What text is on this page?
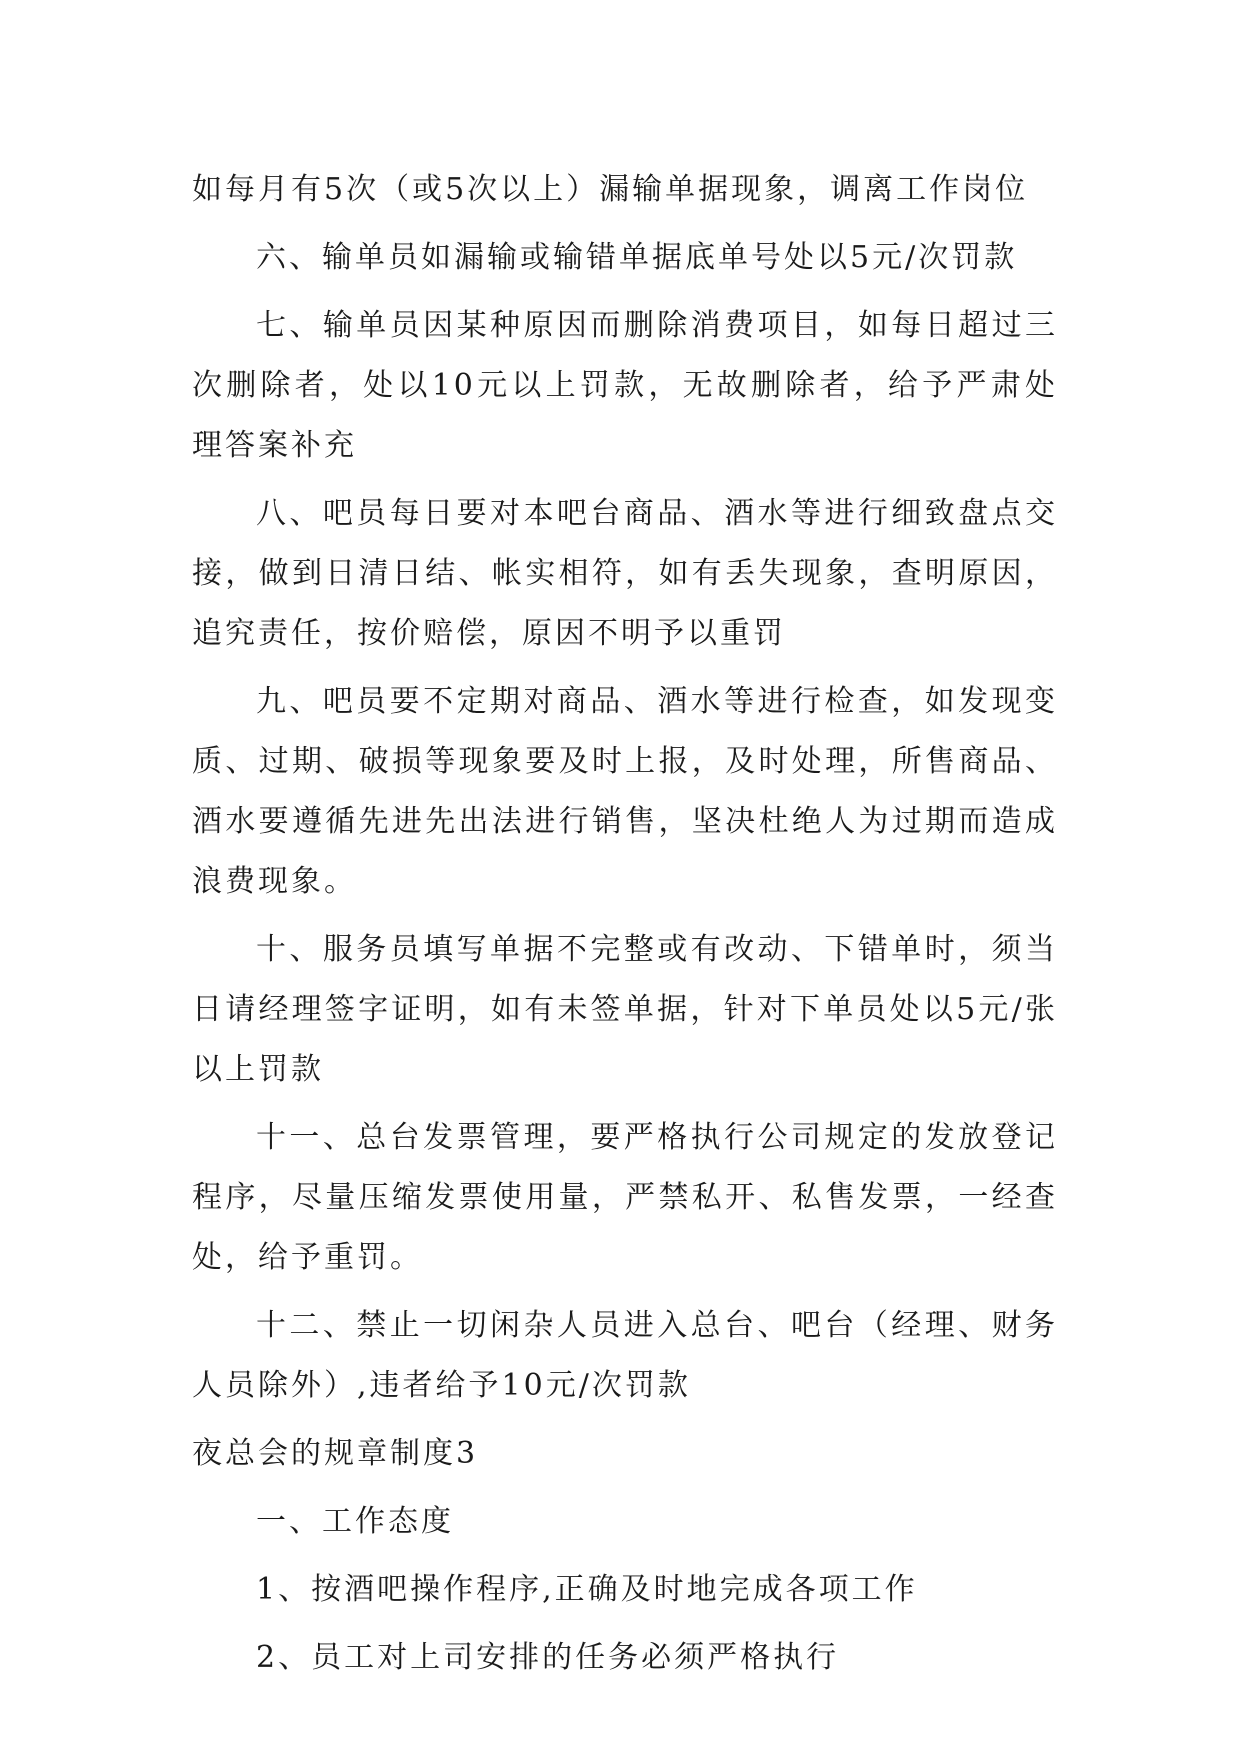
如每月有5次（或5次以上）漏输单据现象，调离工作岗位

六、输单员如漏输或输错单据底单号处以5元/次罚款

七、输单员因某种原因而删除消费项目，如每日超过三次删除者，处以10元以上罚款，无故删除者，给予严肃处理答案补充

八、吧员每日要对本吧台商品、酒水等进行细致盘点交接，做到日清日结、帐实相符，如有丢失现象，查明原因，追究责任，按价赔偿，原因不明予以重罚

九、吧员要不定期对商品、酒水等进行检查，如发现变质、过期、破损等现象要及时上报，及时处理，所售商品、酒水要遵循先进先出法进行销售，坚决杜绝人为过期而造成浪费现象。

十、服务员填写单据不完整或有改动、下错单时，须当日请经理签字证明，如有未签单据，针对下单员处以5元/张以上罚款

十一、总台发票管理，要严格执行公司规定的发放登记程序，尽量压缩发票使用量，严禁私开、私售发票，一经查处，给予重罚。

十二、禁止一切闲杂人员进入总台、吧台（经理、财务人员除外）,违者给予10元/次罚款

夜总会的规章制度3

一、工作态度

1、按酒吧操作程序,正确及时地完成各项工作

2、员工对上司安排的任务必须严格执行
